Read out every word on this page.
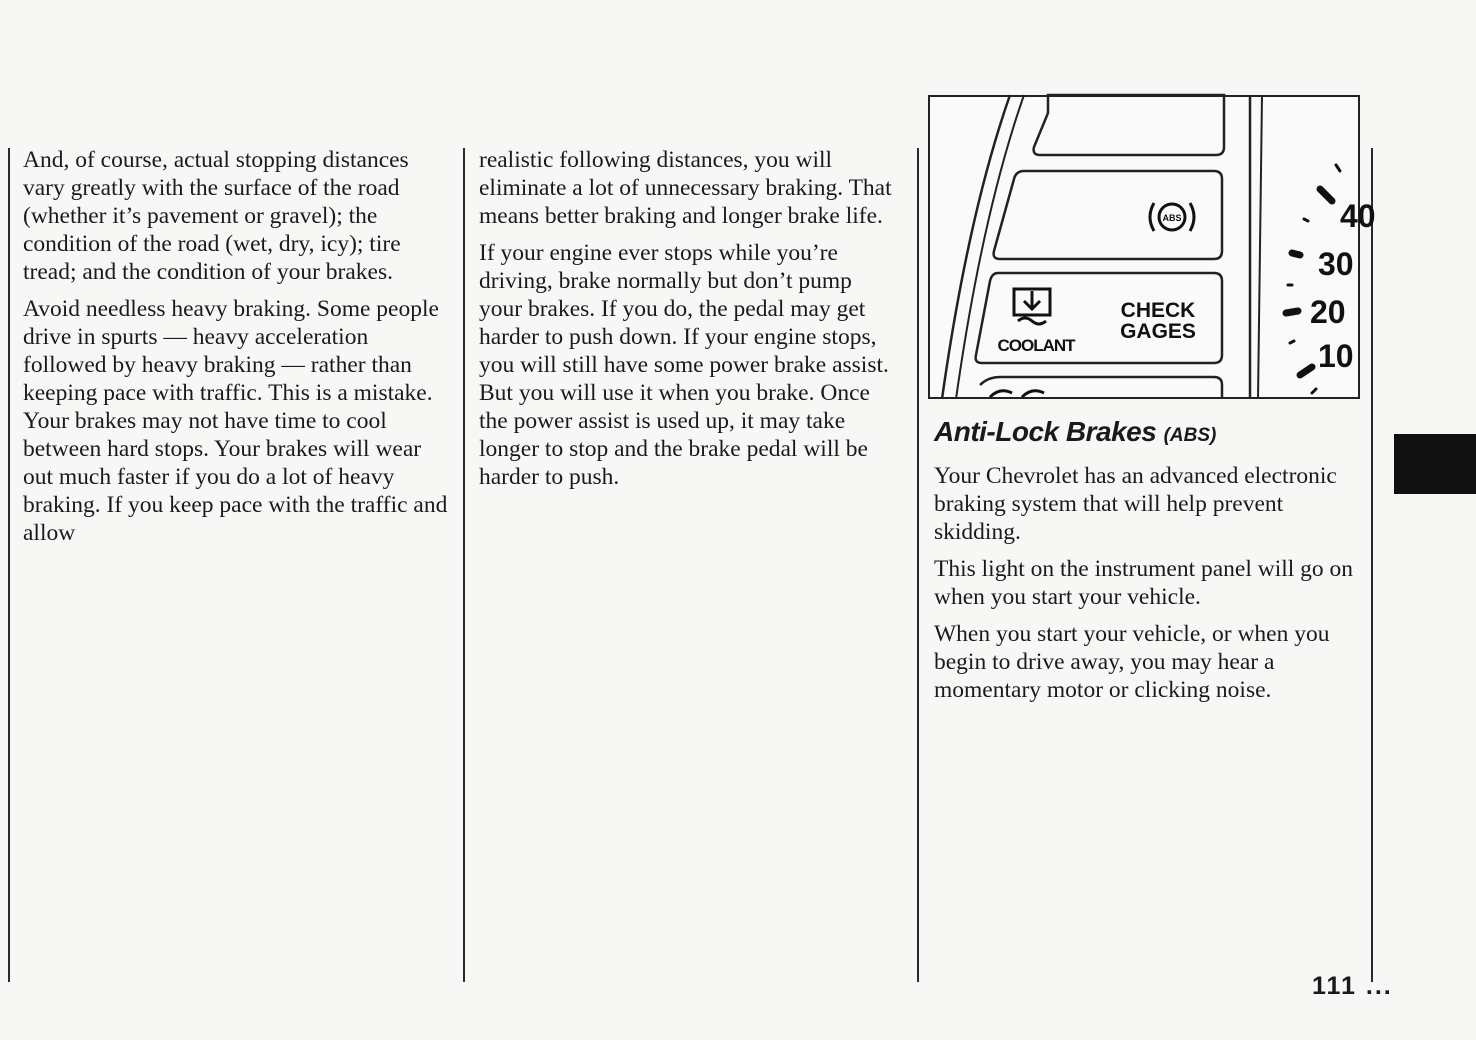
And, of course, actual stopping distances vary greatly with the surface of the road (whether it’s pavement or gravel); the condition of the road (wet, dry, icy); tire tread; and the condition of your brakes.

Avoid needless heavy braking. Some people drive in spurts — heavy acceleration followed by heavy braking — rather than keeping pace with traffic. This is a mistake. Your brakes may not have time to cool between hard stops. Your brakes will wear out much faster if you do a lot of heavy braking. If you keep pace with the traffic and allow

realistic following distances, you will eliminate a lot of unnecessary braking. That means better braking and longer brake life.

If your engine ever stops while you’re driving, brake normally but don’t pump your brakes. If you do, the pedal may get harder to push down. If your engine stops, you will still have some power brake assist. But you will use it when you brake. Once the power assist is used up, it may take longer to stop and the brake pedal will be harder to push.

ABS
COOLANT
CHECK
GAGES
40
30
20
10
Anti-Lock Brakes (ABS)

Your Chevrolet has an advanced electronic braking system that will help prevent skidding.

This light on the instrument panel will go on when you start your vehicle.

When you start your vehicle, or when you begin to drive away, you may hear a momentary motor or clicking noise.

111 ...
